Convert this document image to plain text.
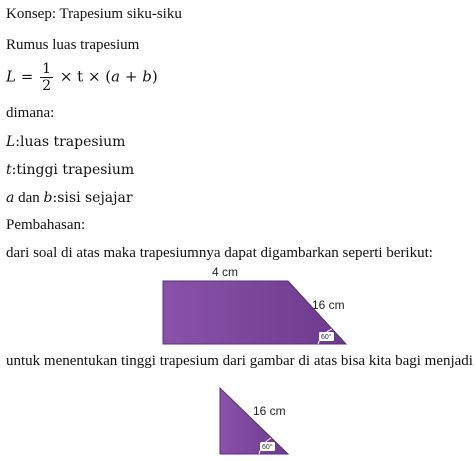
Konsep: Trapesium siku-siku
Rumus luas trapesium
$L = \frac{1}{2} \times t \times (a + b)$
dimana:
L:luas trapesium
t:tinggi trapesium
a dan b:sisi sejajar
Pembahasan:
dari soal di atas maka trapesiumnya dapat digambarkan seperti berikut:
4 cm
16 cm
60°
untuk menentukan tinggi trapesium dari gambar di atas bisa kita bagi menjadi
16 cm
60°
